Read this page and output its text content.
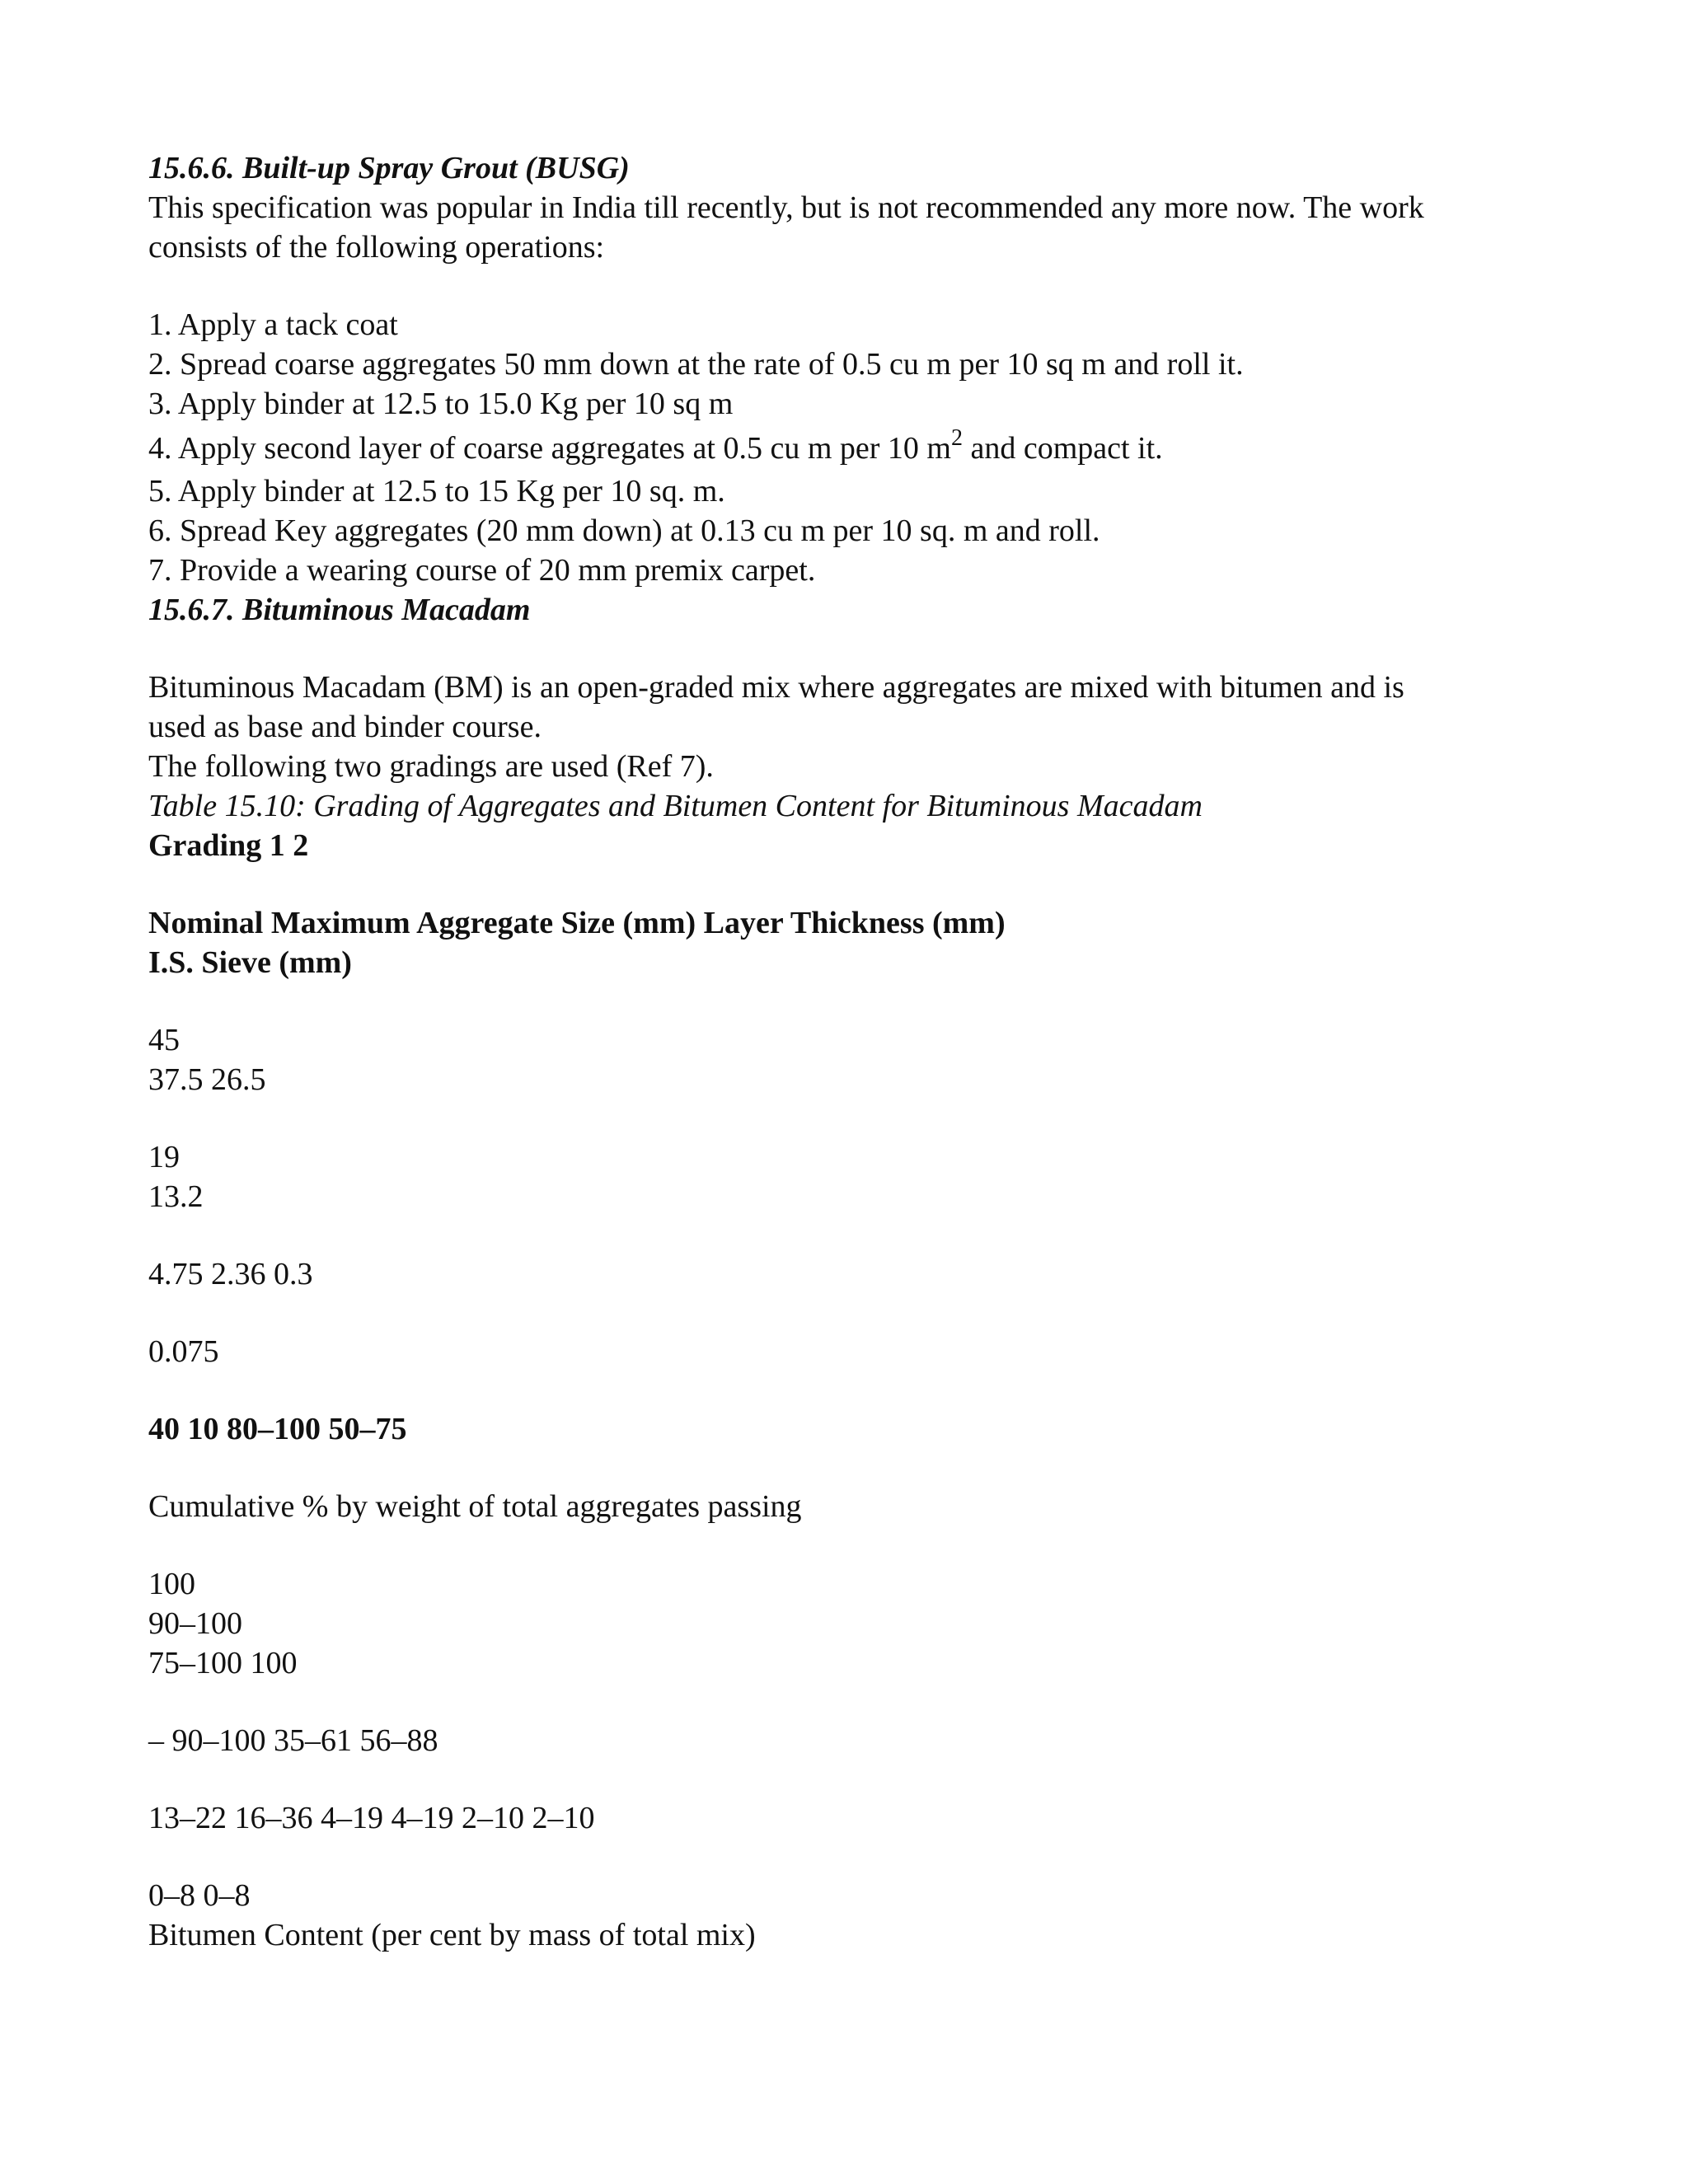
15.6.6. Built-up Spray Grout (BUSG)

This specification was popular in India till recently, but is not recommended any more now. The work

consists of the following operations:

1. Apply a tack coat

2. Spread coarse aggregates 50 mm down at the rate of 0.5 cu m per 10 sq m and roll it.

3. Apply binder at 12.5 to 15.0 Kg per 10 sq m

4. Apply second layer of coarse aggregates at 0.5 cu m per 10 $m^2$ and compact it.

5. Apply binder at 12.5 to 15 Kg per 10 sq. m.

6. Spread Key aggregates (20 mm down) at 0.13 cu m per 10 sq. m and roll.

7. Provide a wearing course of 20 mm premix carpet.

15.6.7. Bituminous Macadam

Bituminous Macadam (BM) is an open-graded mix where aggregates are mixed with bitumen and is

used as base and binder course.

The following two gradings are used (Ref 7).

Table 15.10: Grading of Aggregates and Bitumen Content for Bituminous Macadam

Grading 1 2

Nominal Maximum Aggregate Size (mm) Layer Thickness (mm)

I.S. Sieve (mm)

45

37.5 26.5

19

13.2

4.75 2.36 0.3

0.075

40 10 80–100 50–75

Cumulative % by weight of total aggregates passing

100

90–100

75–100 100

– 90–100 35–61 56–88

13–22 16–36 4–19 4–19 2–10 2–10

0–8 0–8

Bitumen Content (per cent by mass of total mix)
